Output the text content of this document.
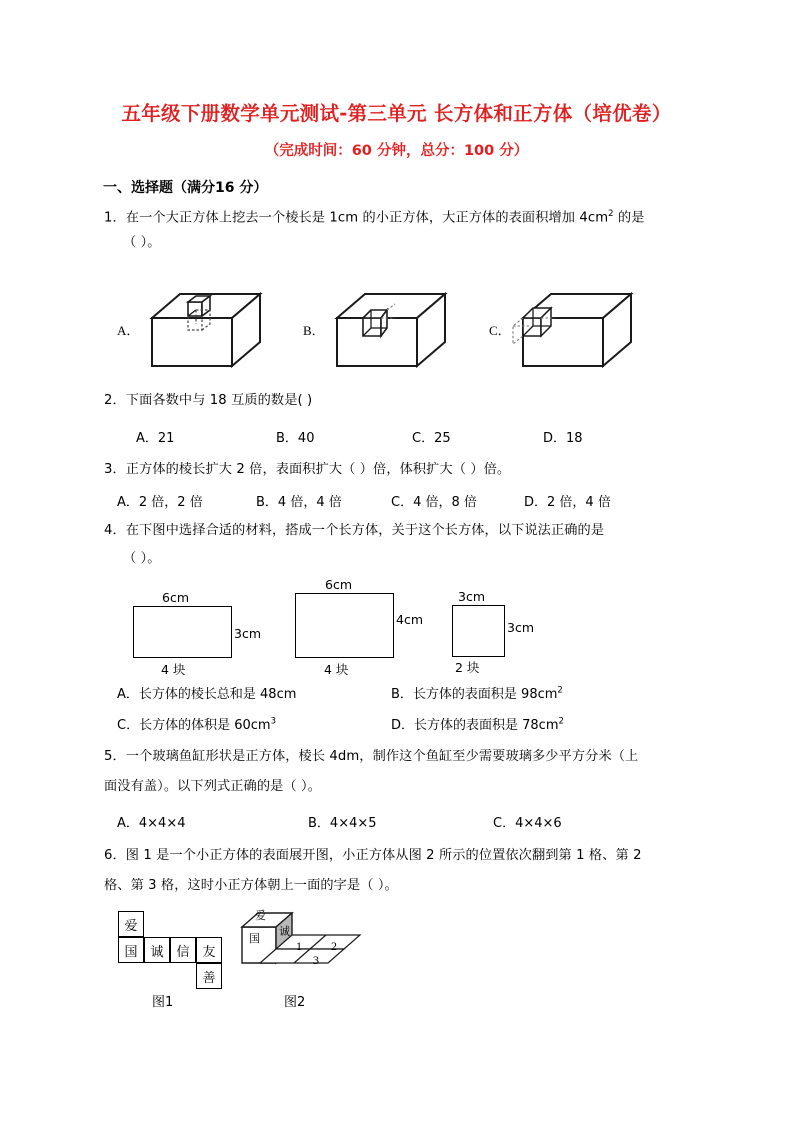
五年级下册数学单元测试-第三单元 长方体和正方体（培优卷）
（完成时间：60 分钟，总分：100 分）
一、选择题（满分16 分）
1．在一个大正方体上挖去一个棱长是 1cm 的小正方体，大正方体的表面积增加 $4cm^2$ 的是
（ ）。
A．	B．	C．
2．下面各数中与 18 互质的数是( )
A．21	B．40	C．25	D．18
3．正方体的棱长扩大 2 倍，表面积扩大（ ）倍，体积扩大（ ）倍。
A．2 倍，2 倍	B．4 倍，4 倍	C．4 倍，8 倍	D．2 倍，4 倍
4．在下图中选择合适的材料，搭成一个长方体，关于这个长方体，以下说法正确的是
（ ）。
6cm
3cm
4 块
6cm
4cm
4 块
3cm
3cm
2 块
A．长方体的棱长总和是 48cm	B．长方体的表面积是 $98cm^2$
C．长方体的体积是 $60cm^3$	D．长方体的表面积是 $78cm^2$
5．一个玻璃鱼缸形状是正方体，棱长 4dm，制作这个鱼缸至少需要玻璃多少平方分米（上
面没有盖）。以下列式正确的是（ ）。
A．4×4×4	B．4×4×5	C．4×4×6
6．图 1 是一个小正方体的表面展开图，小正方体从图 2 所示的位置依次翻到第 1 格、第 2
格、第 3 格，这时小正方体朝上一面的字是（ ）。
爱
国 诚 信 友
善
图1
爱
国
诚
1 2
3
图2
